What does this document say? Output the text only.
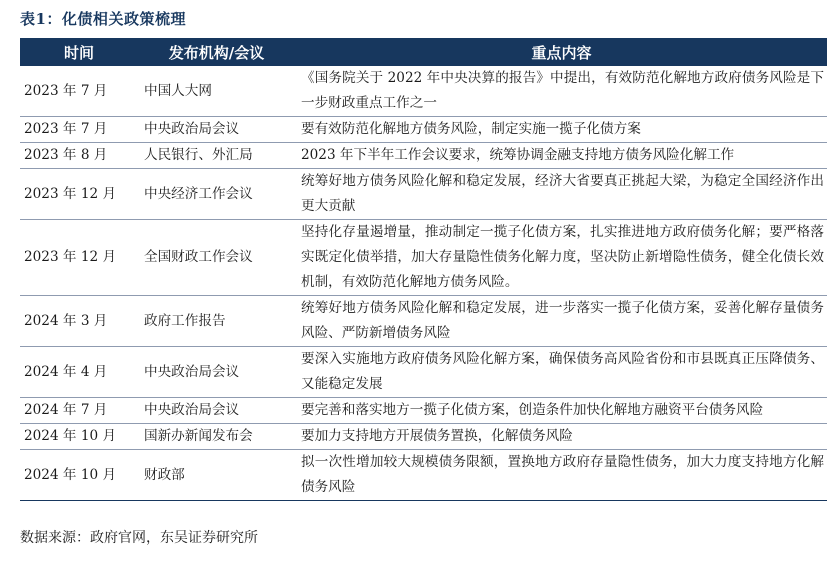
表1：化债相关政策梳理
时间	发布机构/会议	重点内容
2023 年 7 月	中国人大网	《国务院关于 2022 年中央决算的报告》中提出，有效防范化解地方政府债务风险是下一步财政重点工作之一
2023 年 7 月	中央政治局会议	要有效防范化解地方债务风险，制定实施一揽子化债方案
2023 年 8 月	人民银行、外汇局	2023 年下半年工作会议要求，统筹协调金融支持地方债务风险化解工作
2023 年 12 月	中央经济工作会议	统筹好地方债务风险化解和稳定发展，经济大省要真正挑起大梁，为稳定全国经济作出更大贡献
2023 年 12 月	全国财政工作会议	坚持化存量遏增量，推动制定一揽子化债方案，扎实推进地方政府债务化解；要严格落实既定化债举措，加大存量隐性债务化解力度，坚决防止新增隐性债务，健全化债长效机制，有效防范化解地方债务风险。
2024 年 3 月	政府工作报告	统筹好地方债务风险化解和稳定发展，进一步落实一揽子化债方案，妥善化解存量债务风险、严防新增债务风险
2024 年 4 月	中央政治局会议	要深入实施地方政府债务风险化解方案，确保债务高风险省份和市县既真正压降债务、又能稳定发展
2024 年 7 月	中央政治局会议	要完善和落实地方一揽子化债方案，创造条件加快化解地方融资平台债务风险
2024 年 10 月	国新办新闻发布会	要加力支持地方开展债务置换，化解债务风险
2024 年 10 月	财政部	拟一次性增加较大规模债务限额，置换地方政府存量隐性债务，加大力度支持地方化解债务风险
数据来源：政府官网，东吴证券研究所
